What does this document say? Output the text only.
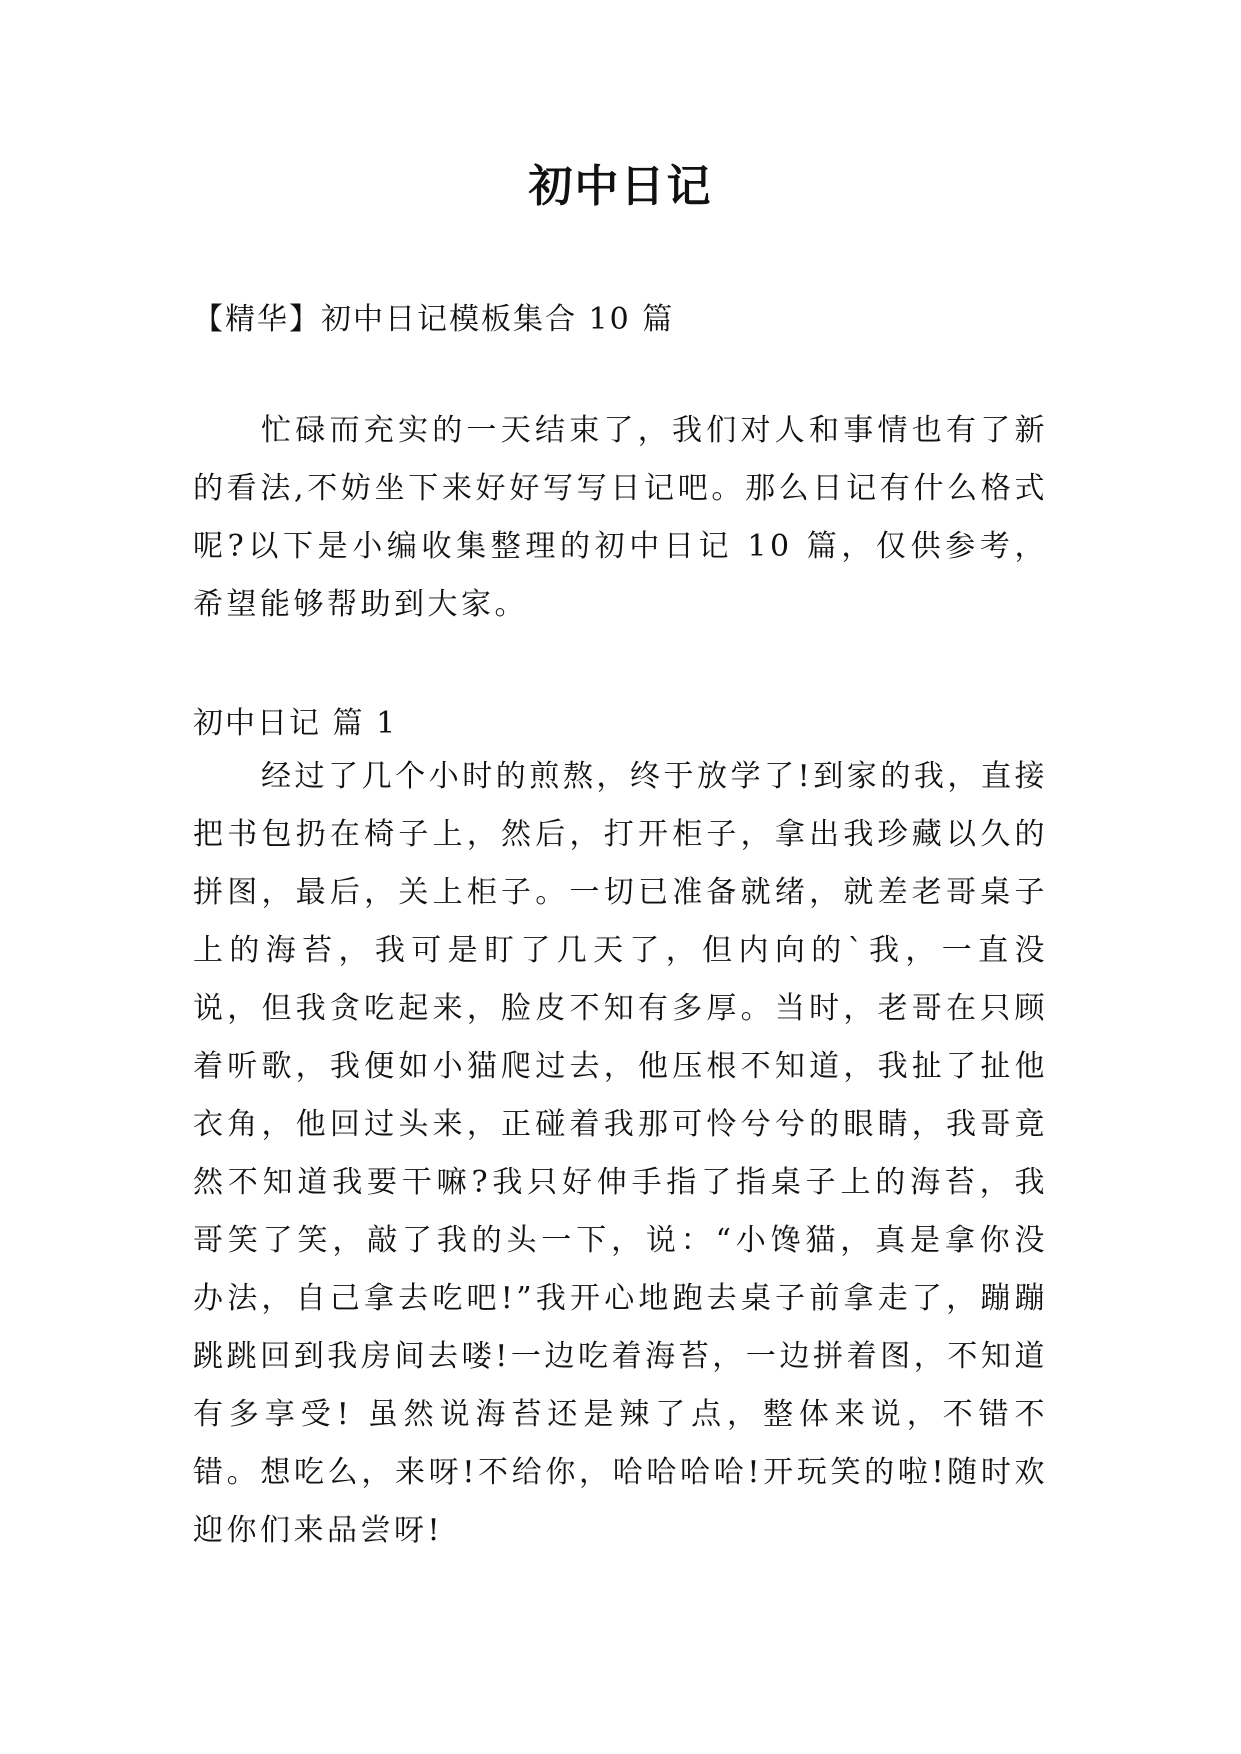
初中日记
【精华】初中日记模板集合 10 篇

忙碌而充实的一天结束了，我们对人和事情也有了新的看法,不妨坐下来好好写写日记吧。那么日记有什么格式呢?以下是小编收集整理的初中日记 10 篇，仅供参考，希望能够帮助到大家。

初中日记 篇 1

经过了几个小时的煎熬，终于放学了!到家的我，直接把书包扔在椅子上，然后，打开柜子，拿出我珍藏以久的拼图，最后，关上柜子。一切已准备就绪，就差老哥桌子上的海苔，我可是盯了几天了，但内向的`我，一直没说，但我贪吃起来，脸皮不知有多厚。当时，老哥在只顾着听歌，我便如小猫爬过去，他压根不知道，我扯了扯他衣角，他回过头来，正碰着我那可怜兮兮的眼睛，我哥竟然不知道我要干嘛?我只好伸手指了指桌子上的海苔，我哥笑了笑，敲了我的头一下，说：“小馋猫，真是拿你没办法，自己拿去吃吧!”我开心地跑去桌子前拿走了，蹦蹦跳跳回到我房间去喽!一边吃着海苔，一边拼着图，不知道有多享受! 虽然说海苔还是辣了点，整体来说，不错不错。想吃么，来呀!不给你，哈哈哈哈!开玩笑的啦!随时欢迎你们来品尝呀!
